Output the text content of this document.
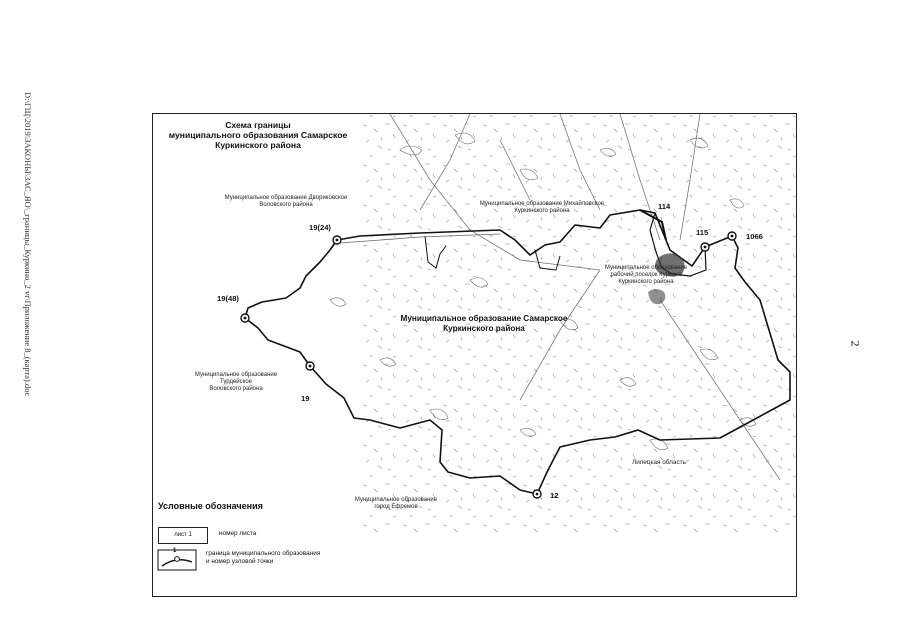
D:\ГЩ\2019\ЗАКОНЫ\ЗАС_ЯО\_границы_Куркино_2 vr\Приложение 8_(карта).doc	2
Схема границы
муниципального образования Самарское
Куркинского района
Муниципальное образование Двориковское
Воловского района	Муниципальное образование Михайловское
Куркинского района
Муниципальное образование
рабочий поселок Куркино
Куркинского района
Муниципальное образование Самарское
Куркинского района
Муниципальное образование
Турдейское
Воловского района
Муниципальное образование
город Ефремов
Липецкая область
19(24)
19(48)
19
12
114
115	1066
Условные обозначения
лист 1	номер листа
1	граница муниципального образования
и номер узловой точки
